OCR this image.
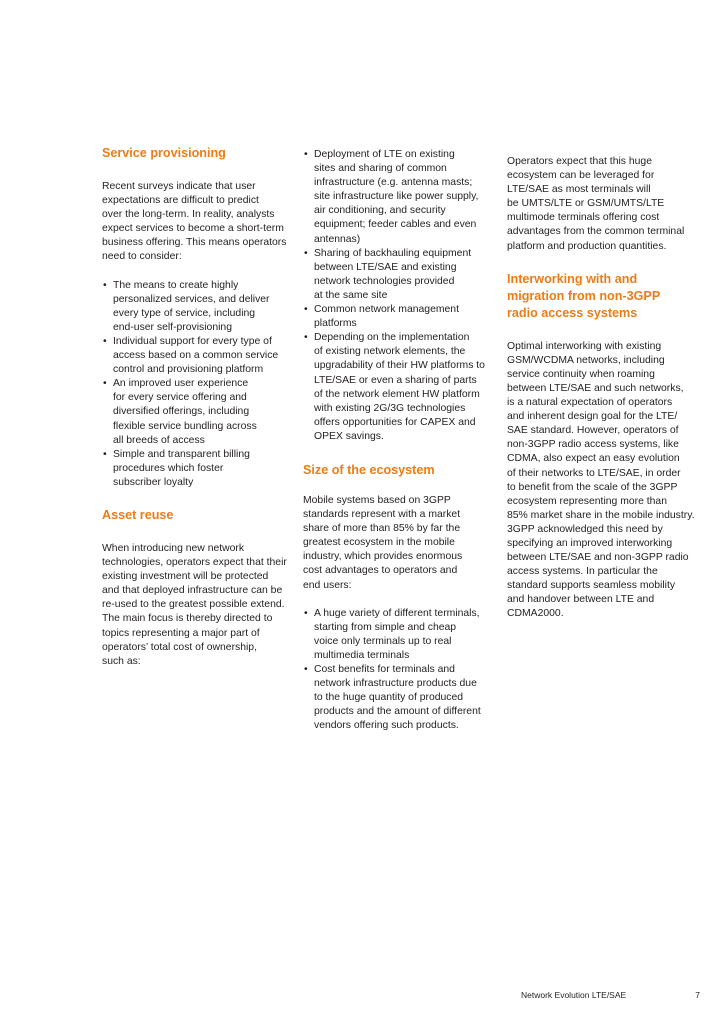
Service provisioning

Recent surveys indicate that user
expectations are difficult to predict
over the long-term. In reality, analysts
expect services to become a short-term
business offering. This means operators
need to consider:

• The means to create highly
personalized services, and deliver
every type of service, including
end-user self-provisioning
• Individual support for every type of
access based on a common service
control and provisioning platform
• An improved user experience
for every service offering and
diversified offerings, including
flexible service bundling across
all breeds of access
• Simple and transparent billing
procedures which foster
subscriber loyalty
Asset reuse

When introducing new network
technologies, operators expect that their
existing investment will be protected
and that deployed infrastructure can be
re-used to the greatest possible extend.
The main focus is thereby directed to
topics representing a major part of
operators’ total cost of ownership,
such as:

• Deployment of LTE on existing
sites and sharing of common
infrastructure (e.g. antenna masts;
site infrastructure like power supply,
air conditioning, and security
equipment; feeder cables and even
antennas)
• Sharing of backhauling equipment
between LTE/SAE and existing
network technologies provided
at the same site
• Common network management
platforms
• Depending on the implementation
of existing network elements, the
upgradability of their HW platforms to
LTE/SAE or even a sharing of parts
of the network element HW platform
with existing 2G/3G technologies
offers opportunities for CAPEX and
OPEX savings.
Size of the ecosystem

Mobile systems based on 3GPP
standards represent with a market
share of more than 85% by far the
greatest ecosystem in the mobile
industry, which provides enormous
cost advantages to operators and
end users:

• A huge variety of different terminals,
starting from simple and cheap
voice only terminals up to real
multimedia terminals
• Cost benefits for terminals and
network infrastructure products due
to the huge quantity of produced
products and the amount of different
vendors offering such products.

Operators expect that this huge
ecosystem can be leveraged for
LTE/SAE as most terminals will
be UMTS/LTE or GSM/UMTS/LTE
multimode terminals offering cost
advantages from the common terminal
platform and production quantities.

Interworking with and
migration from non-3GPP
radio access systems

Optimal interworking with existing
GSM/WCDMA networks, including
service continuity when roaming
between LTE/SAE and such networks,
is a natural expectation of operators
and inherent design goal for the LTE/
SAE standard. However, operators of
non-3GPP radio access systems, like
CDMA, also expect an easy evolution
of their networks to LTE/SAE, in order
to benefit from the scale of the 3GPP
ecosystem representing more than
85% market share in the mobile industry.
3GPP acknowledged this need by
specifying an improved interworking
between LTE/SAE and non-3GPP radio
access systems. In particular the
standard supports seamless mobility
and handover between LTE and
CDMA2000.

Network Evolution LTE/SAE	7
